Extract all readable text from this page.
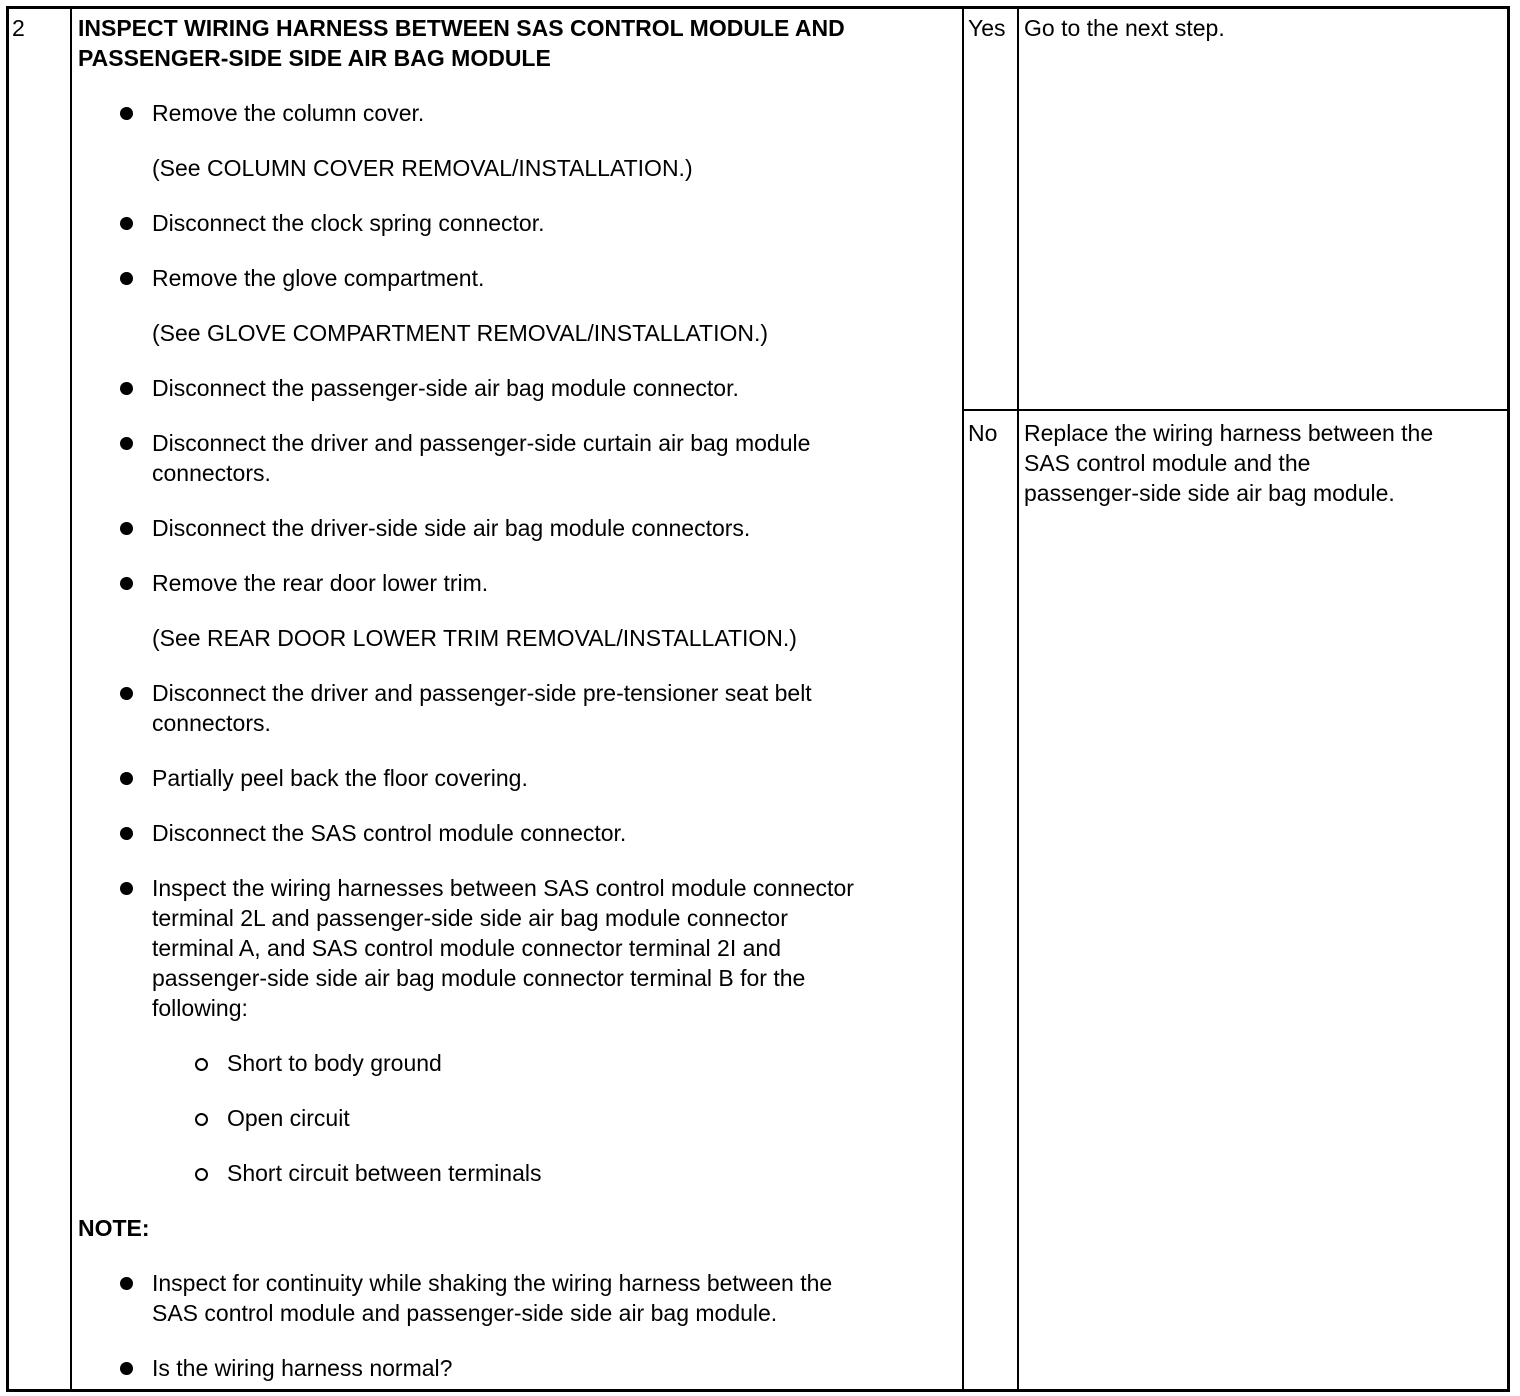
2 INSPECT WIRING HARNESS BETWEEN SAS CONTROL MODULE AND
PASSENGER-SIDE SIDE AIR BAG MODULE
Remove the column cover.
(See COLUMN COVER REMOVAL/INSTALLATION.)
Disconnect the clock spring connector.
Remove the glove compartment.
(See GLOVE COMPARTMENT REMOVAL/INSTALLATION.)
Disconnect the passenger-side air bag module connector.
Disconnect the driver and passenger-side curtain air bag module
connectors.
Disconnect the driver-side side air bag module connectors.
Remove the rear door lower trim.
(See REAR DOOR LOWER TRIM REMOVAL/INSTALLATION.)
Disconnect the driver and passenger-side pre-tensioner seat belt
connectors.
Partially peel back the floor covering.
Disconnect the SAS control module connector.
Inspect the wiring harnesses between SAS control module connector
terminal 2L and passenger-side side air bag module connector
terminal A, and SAS control module connector terminal 2I and
passenger-side side air bag module connector terminal B for the
following:
Short to body ground
Open circuit
Short circuit between terminals
NOTE:
Inspect for continuity while shaking the wiring harness between the
SAS control module and passenger-side side air bag module.
Is the wiring harness normal?
Yes Go to the next step.
No Replace the wiring harness between the
SAS control module and the
passenger-side side air bag module.
